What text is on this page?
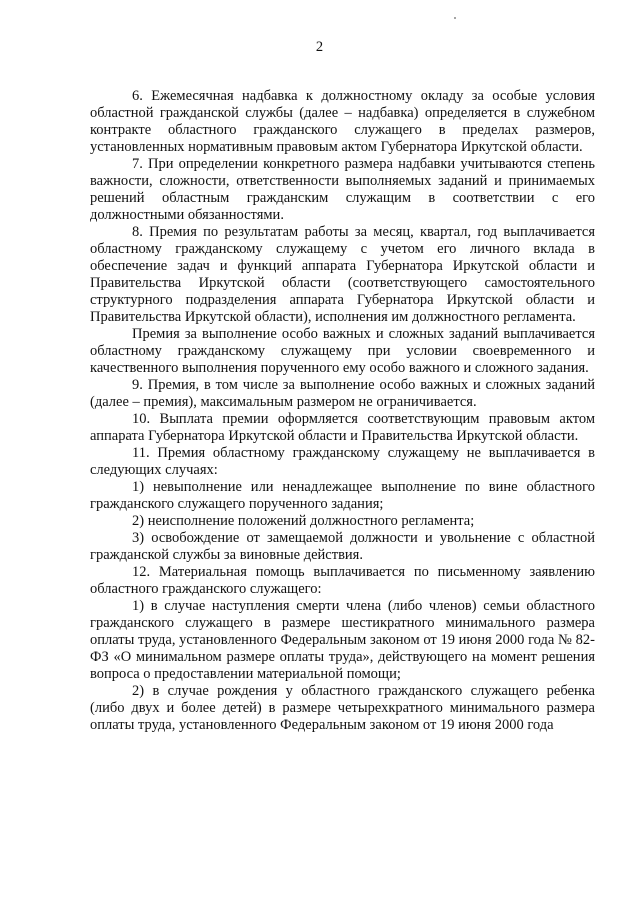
2

6. Ежемесячная надбавка к должностному окладу за особые условия областной гражданской службы (далее – надбавка) определяется в служебном контракте областного гражданского служащего в пределах размеров, установленных нормативным правовым актом Губернатора Иркутской области.

7. При определении конкретного размера надбавки учитываются степень важности, сложности, ответственности выполняемых заданий и принимаемых решений областным гражданским служащим в соответствии с его должностными обязанностями.

8. Премия по результатам работы за месяц, квартал, год выплачивается областному гражданскому служащему с учетом его личного вклада в обеспечение задач и функций аппарата Губернатора Иркутской области и Правительства Иркутской области (соответствующего самостоятельного структурного подразделения аппарата Губернатора Иркутской области и Правительства Иркутской области), исполнения им должностного регламента.

Премия за выполнение особо важных и сложных заданий выплачивается областному гражданскому служащему при условии своевременного и качественного выполнения порученного ему особо важного и сложного задания.

9. Премия, в том числе за выполнение особо важных и сложных заданий (далее – премия), максимальным размером не ограничивается.

10. Выплата премии оформляется соответствующим правовым актом аппарата Губернатора Иркутской области и Правительства Иркутской области.

11. Премия областному гражданскому служащему не выплачивается в следующих случаях:

1) невыполнение или ненадлежащее выполнение по вине областного гражданского служащего порученного задания;

2) неисполнение положений должностного регламента;

3) освобождение от замещаемой должности и увольнение с областной гражданской службы за виновные действия.

12. Материальная помощь выплачивается по письменному заявлению областного гражданского служащего:

1) в случае наступления смерти члена (либо членов) семьи областного гражданского служащего в размере шестикратного минимального размера оплаты труда, установленного Федеральным законом от 19 июня 2000 года № 82-ФЗ «О минимальном размере оплаты труда», действующего на момент решения вопроса о предоставлении материальной помощи;

2) в случае рождения у областного гражданского служащего ребенка (либо двух и более детей) в размере четырехкратного минимального размера оплаты труда, установленного Федеральным законом от 19 июня 2000 года
